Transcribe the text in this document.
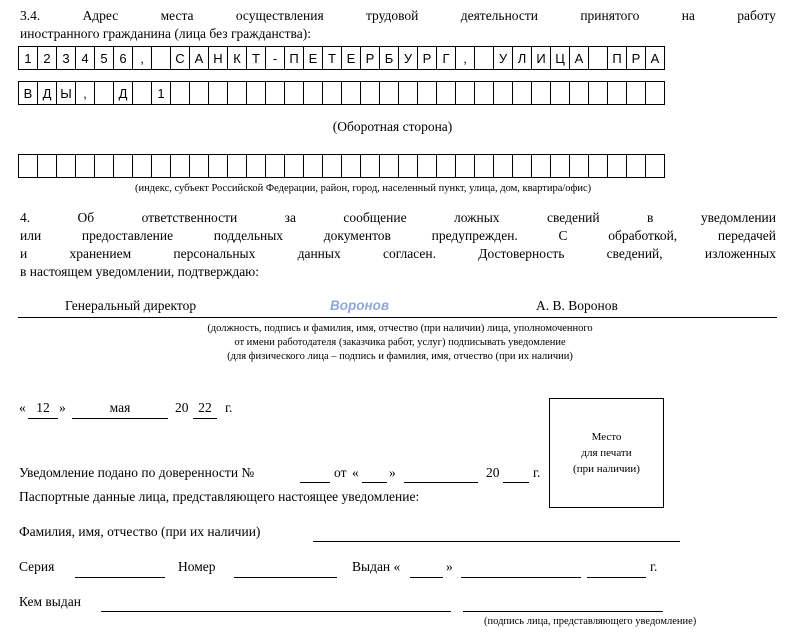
3.4.	Адрес	места	осуществления	трудовой	деятельности	принятого	на	работу
иностранного гражданина (лица без гражданства):
1 2 3 4 5 6	,	С А Н К Т - П Е Т Е Р Б У Р Г	,	У Л И Ц А	П Р А
В Д Ы ,	Д	1
(Оборотная сторона)
(индекс, субъект Российской Федерации, район, город, населенный пункт, улица, дом, квартира/офис)
4. Об ответственности за сообщение ложных сведений в уведомлении
или предоставление поддельных документов предупрежден. С обработкой, передачей
и хранением персональных данных согласен. Достоверность сведений, изложенных
в настоящем уведомлении, подтверждаю:
Генеральный директор	Воронов	А. В. Воронов
(должность, подпись и фамилия, имя, отчество (при наличии) лица, уполномоченного
от имени работодателя (заказчика работ, услуг) подписывать уведомление
(для физического лица – подпись и фамилия, имя, отчество (при их наличии)
« 12 »	мая	20 22 г.
Место
для печати
(при наличии)
Уведомление подано по доверенности №	от « »	20 г.
Паспортные данные лица, представляющего настоящее уведомление:
Фамилия, имя, отчество (при их наличии)
Серия	Номер	Выдан «	»	г.
Кем выдан
(подпись лица, представляющего уведомление)
